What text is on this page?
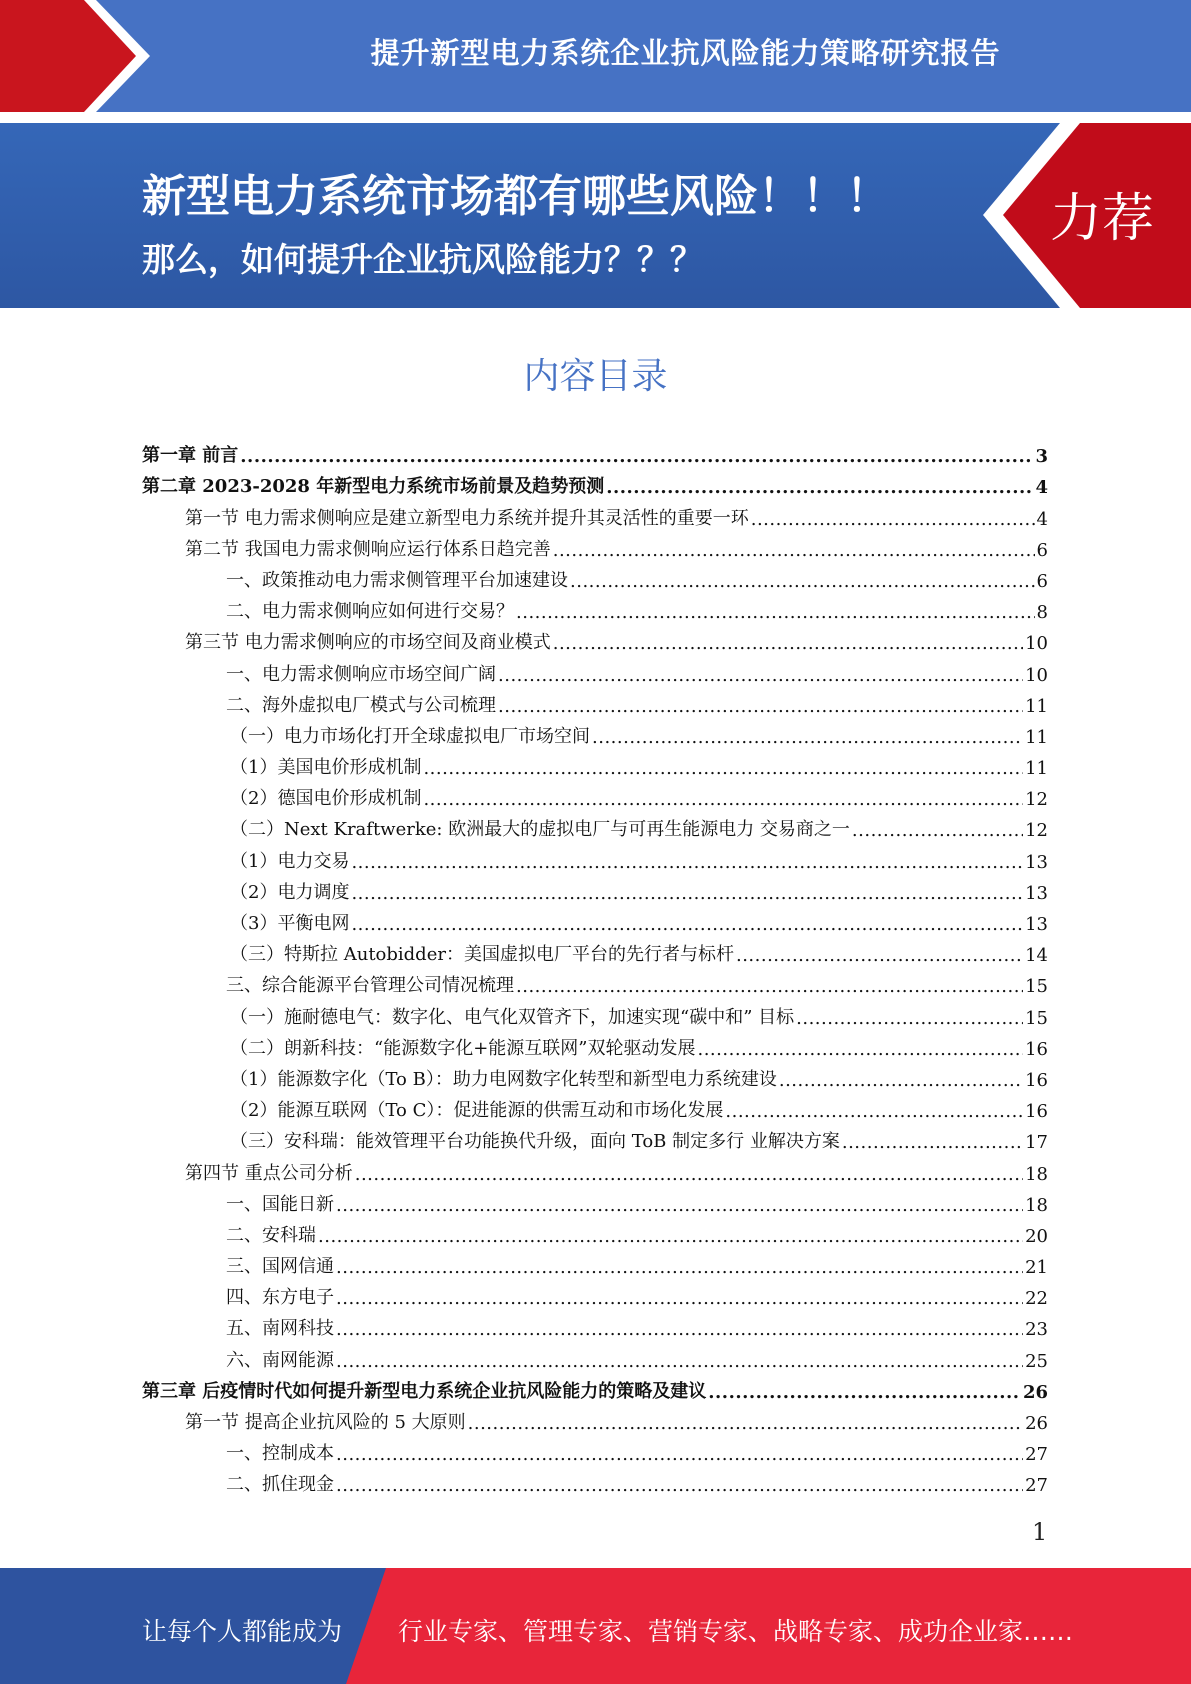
提升新型电力系统企业抗风险能力策略研究报告
新型电力系统市场都有哪些风险！！！
那么，如何提升企业抗风险能力？？？
力荐
内容目录
第一章 前言 .....	3
第二章 2023-2028 年新型电力系统市场前景及趋势预测 .....	4
第一节 电力需求侧响应是建立新型电力系统并提升其灵活性的重要一环 .....	4
第二节 我国电力需求侧响应运行体系日趋完善 .....	6
一、政策推动电力需求侧管理平台加速建设 .....	6
二、电力需求侧响应如何进行交易？ .....	8
第三节 电力需求侧响应的市场空间及商业模式 .....	10
一、电力需求侧响应市场空间广阔 .....	10
二、海外虚拟电厂模式与公司梳理 .....	11
（一）电力市场化打开全球虚拟电厂市场空间 .....	11
（1）美国电价形成机制 .....	11
（2）德国电价形成机制 .....	12
（二）Next Kraftwerke: 欧洲最大的虚拟电厂与可再生能源电力 交易商之一 .....	12
（1）电力交易 .....	13
（2）电力调度 .....	13
（3）平衡电网 .....	13
（三）特斯拉 Autobidder：美国虚拟电厂平台的先行者与标杆 .....	14
三、综合能源平台管理公司情况梳理 .....	15
（一）施耐德电气：数字化、电气化双管齐下，加速实现“碳中和” 目标 .....	15
（二）朗新科技：“能源数字化+能源互联网”双轮驱动发展 .....	16
（1）能源数字化（To B）：助力电网数字化转型和新型电力系统建设 .....	16
（2）能源互联网（To C）：促进能源的供需互动和市场化发展 .....	16
（三）安科瑞：能效管理平台功能换代升级，面向 ToB 制定多行 业解决方案 .....	17
第四节 重点公司分析 .....	18
一、国能日新 .....	18
二、安科瑞 .....	20
三、国网信通 .....	21
四、东方电子 .....	22
五、南网科技 .....	23
六、南网能源 .....	25
第三章 后疫情时代如何提升新型电力系统企业抗风险能力的策略及建议 .....	26
第一节 提高企业抗风险的 5 大原则 .....	26
一、控制成本 .....	27
二、抓住现金 .....	27
1
让每个人都能成为 行业专家、管理专家、营销专家、战略专家、成功企业家……
